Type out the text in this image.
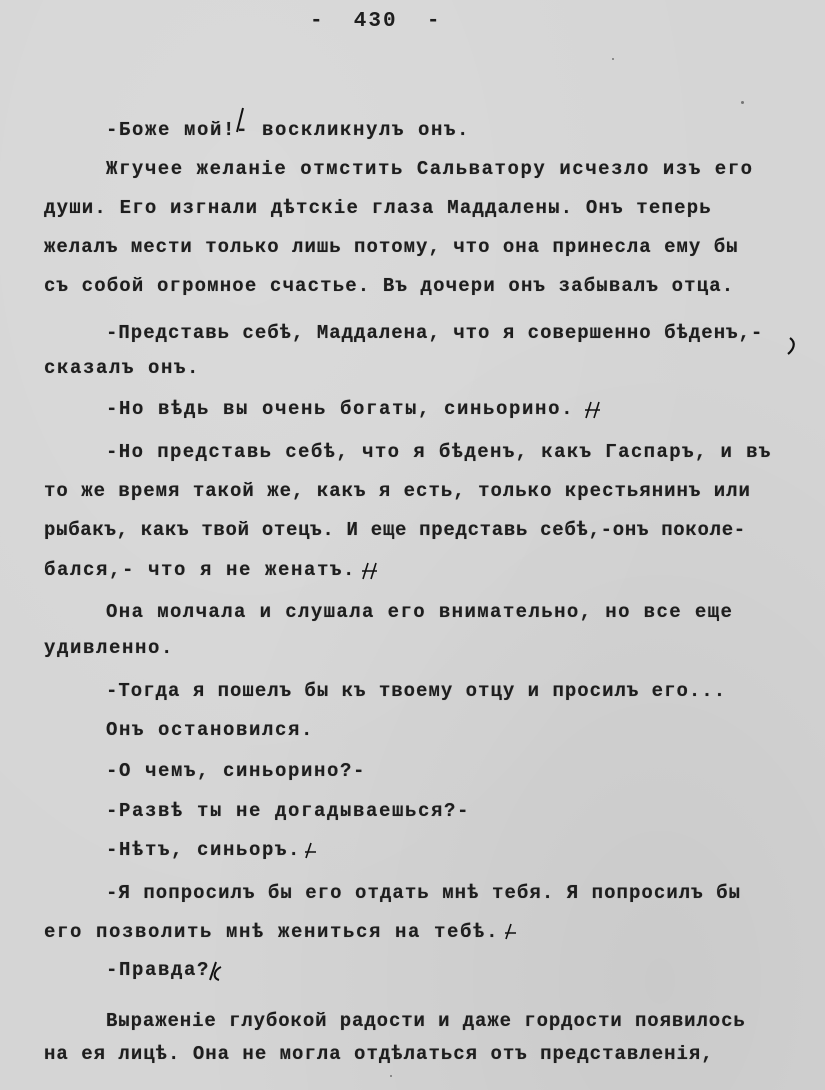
-  430  -
-Боже мой!- воскликнулъ онъ.
Жгучее желаніе отмстить Сальватору исчезло изъ его
души. Его изгнали дѣтскіе глаза Маддалены. Онъ теперь
желалъ мести только лишь потому, что она принесла ему бы
съ собой огромное счастье. Въ дочери онъ забывалъ отца.
-Представь себѣ, Маддалена, что я совершенно бѣденъ,-
сказалъ онъ.
-Но вѣдь вы очень богаты, синьорино.
-Но представь себѣ, что я бѣденъ, какъ Гаспаръ, и въ
то же время такой же, какъ я есть, только крестьянинъ или
рыбакъ, какъ твой отецъ. И еще представь себѣ,-онъ поколе-
бался,- что я не женатъ.
Она молчала и слушала его внимательно, но все еще
удивленно.
-Тогда я пошелъ бы къ твоему отцу и просилъ его...
Онъ остановился.
-О чемъ, синьорино?-
-Развѣ ты не догадываешься?-
-Нѣтъ, синьоръ.
-Я попросилъ бы его отдать мнѣ тебя. Я попросилъ бы
его позволить мнѣ жениться на тебѣ.
-Правда?
Выраженіе глубокой радости и даже гордости появилось
на ея лицѣ. Она не могла отдѣлаться отъ представленія,
